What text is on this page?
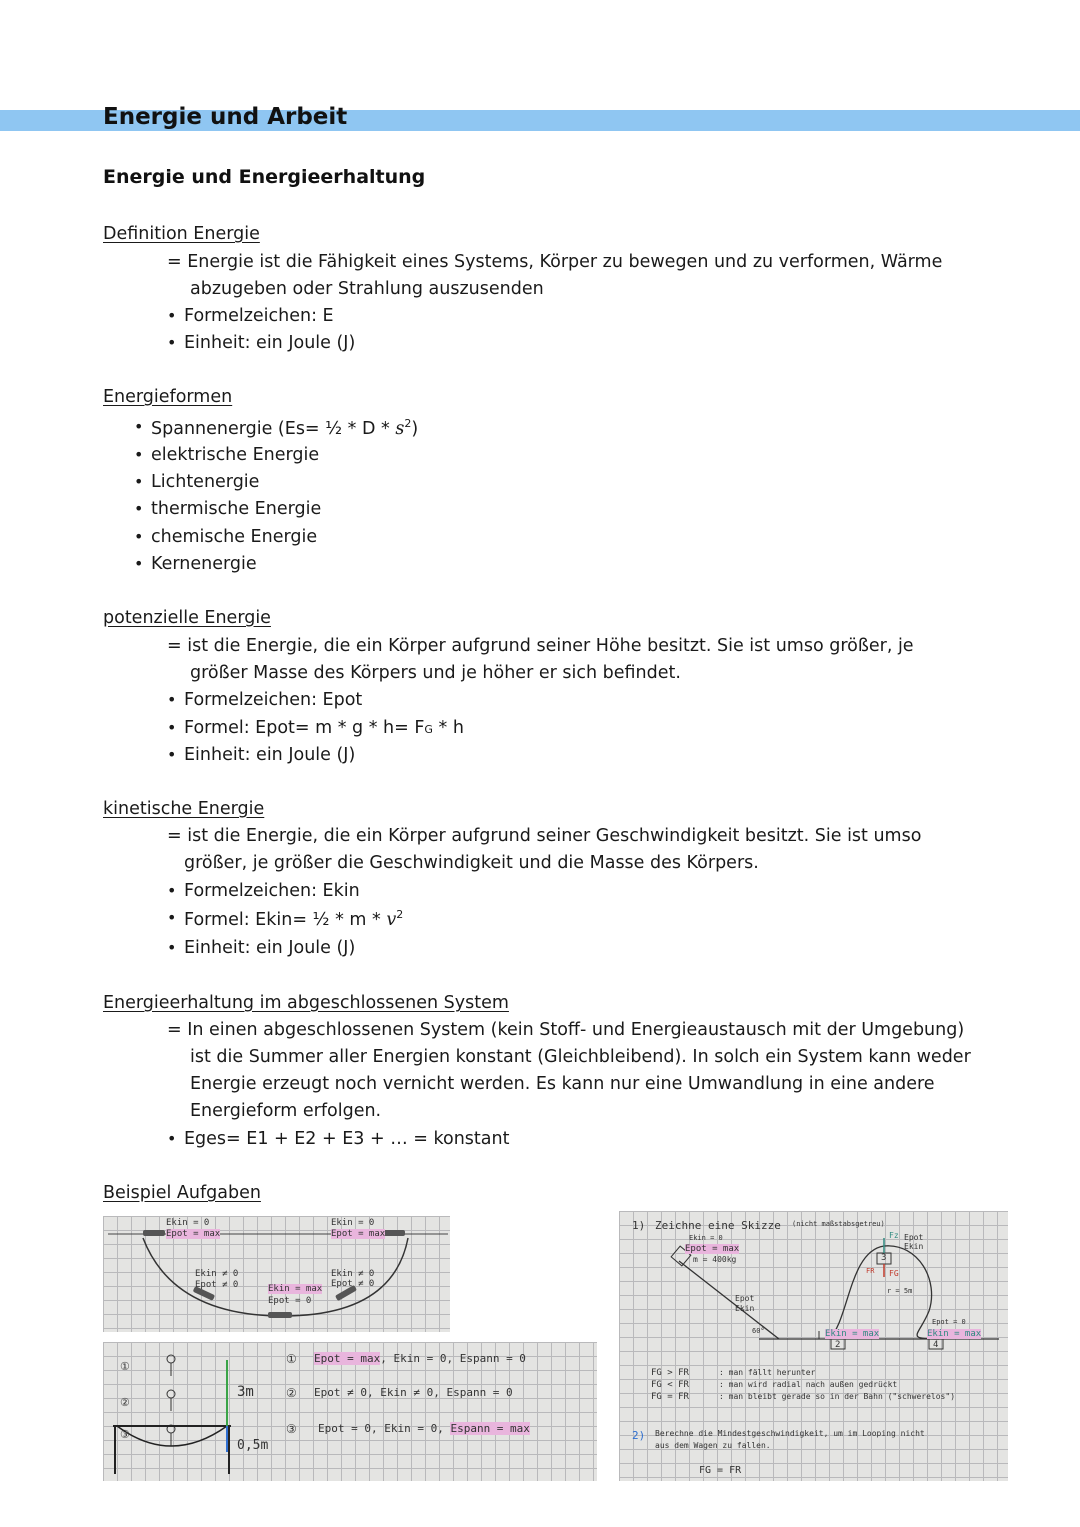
Energie und Arbeit
Energie und Energieerhaltung
Definition Energie
= Energie ist die Fähigkeit eines Systems, Körper zu bewegen und zu verformen, Wärme
abzugeben oder Strahlung auszusenden
• Formelzeichen: E
• Einheit: ein Joule (J)
Energieformen
• Spannenergie (Es= ½ * D * $s^2$)
• elektrische Energie
• Lichtenergie
• thermische Energie
• chemische Energie
• Kernenergie
potenzielle Energie
= ist die Energie, die ein Körper aufgrund seiner Höhe besitzt. Sie ist umso größer, je
größer Masse des Körpers und je höher er sich befindet.
• Formelzeichen: Epot
• Formel: Epot= m * g * h= FG * h
• Einheit: ein Joule (J)
kinetische Energie
= ist die Energie, die ein Körper aufgrund seiner Geschwindigkeit besitzt. Sie ist umso
größer, je größer die Geschwindigkeit und die Masse des Körpers.
• Formelzeichen: Ekin
• Formel: Ekin= ½ * m * $v^2$
• Einheit: ein Joule (J)
Energieerhaltung im abgeschlossenen System
= In einen abgeschlossenen System (kein Stoff- und Energieaustausch mit der Umgebung)
ist die Summer aller Energien konstant (Gleichbleibend). In solch ein System kann weder
Energie erzeugt noch vernicht werden. Es kann nur eine Umwandlung in eine andere
Energieform erfolgen.
• Eges= E1 + E2 + E3 + … = konstant
Beispiel Aufgaben
Ekin = 0
Epot = max
Ekin = 0
Epot = max
Ekin ≠ 0
Epot ≠ 0
Ekin ≠ 0
Epot ≠ 0
Ekin = max
Epot = 0
①
②
③
3m
0,5m
① Epot = max, Ekin = 0, Espann = 0
② Epot ≠ 0, Ekin ≠ 0, Espann = 0
③ Epot = 0, Ekin = 0, Espann = max
1) Zeichne eine Skizze (nicht maßstabsgetreu)
Ekin = 0
Epot = max
m = 400kg
Epot
Ekin
60°	Ekin = max
2
3
Fz
FG
FR
Epot
Ekin
r = 5m
Epot = 0
Ekin = max
4
FG > FR	: man fällt herunter
FG < FR	: man wird radial nach außen gedrückt
FG = FR	: man bleibt gerade so in der Bahn ("schwerelos")
2) Berechne die Mindestgeschwindigkeit, um im Looping nicht
aus dem Wagen zu fallen.
FG = FR
